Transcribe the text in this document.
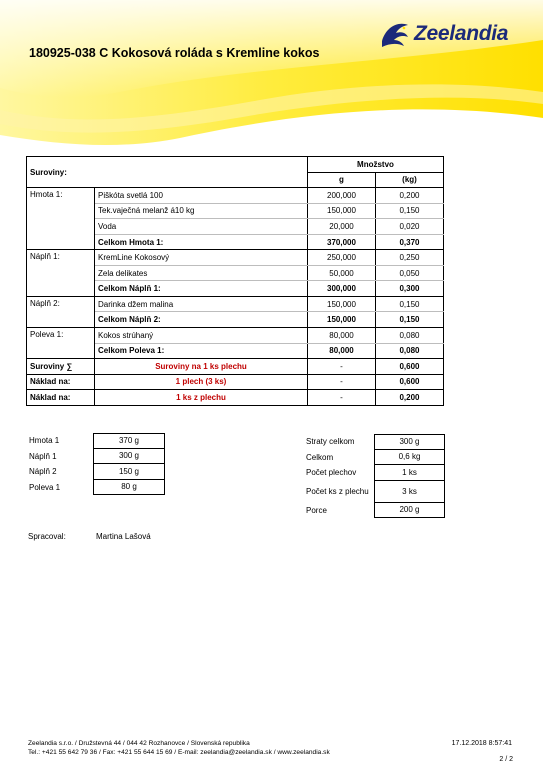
Zeelandia
180925-038 C Kokosová roláda s Kremline kokos
Suroviny:		Množstvo	
		g	(kg)
Hmota 1:	Piškóta svetlá 100	200,000	0,200
	Tek.vaječná melanž á10 kg	150,000	0,150
	Voda	20,000	0,020
	Celkom Hmota 1:	370,000	0,370
Náplň 1:	KremLine Kokosový	250,000	0,250
	Zela delikates	50,000	0,050
	Celkom Náplň 1:	300,000	0,300
Náplň 2:	Darinka džem malina	150,000	0,150
	Celkom Náplň 2:	150,000	0,150
Poleva 1:	Kokos strúhaný	80,000	0,080
	Celkom Poleva 1:	80,000	0,080
Suroviny ∑	Suroviny na 1 ks plechu	-	0,600
Náklad na:	1 plech (3 ks)	-	0,600
Náklad na:	1 ks z plechu	-	0,200
Hmota 1	370 g
Náplň 1	300 g
Náplň 2	150 g
Poleva 1	80 g
Straty celkom	300 g
Celkom	0,6 kg
Počet plechov	1 ks
Počet ks z plechu	3 ks
Porce	200 g
Spracoval:	Martina Lašová
Zeelandia s.r.o. / Družstevná 44 / 044 42 Rozhanovce / Slovenská republika
Tel.: +421 55 642 79 36 / Fax: +421 55 644 15 69 / E-mail: zeelandia@zeelandia.sk / www.zeelandia.sk
17.12.2018 8:57:41
2 / 2
